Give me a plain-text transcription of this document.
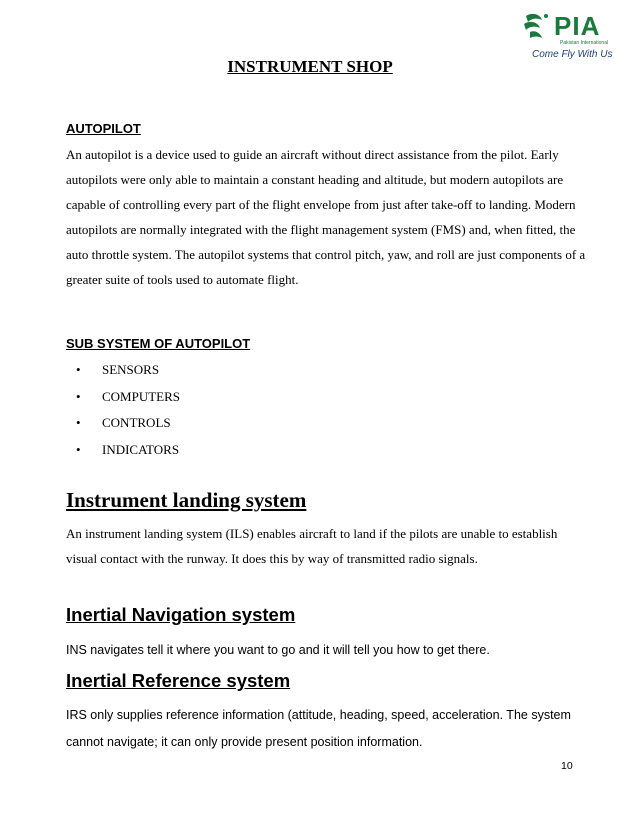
PIA
Pakistan International
Come Fly With Us
INSTRUMENT SHOP
AUTOPILOT
An autopilot is a device used to guide an aircraft without direct assistance from the pilot. Early autopilots were only able to maintain a constant heading and altitude, but modern autopilots are capable of controlling every part of the flight envelope from just after take-off to landing. Modern autopilots are normally integrated with the flight management system (FMS) and, when fitted, the auto throttle system. The autopilot systems that control pitch, yaw, and roll are just components of a greater suite of tools used to automate flight.
SUB SYSTEM OF AUTOPILOT
• SENSORS
• COMPUTERS
• CONTROLS
• INDICATORS
Instrument landing system
An instrument landing system (ILS) enables aircraft to land if the pilots are unable to establish visual contact with the runway. It does this by way of transmitted radio signals.
Inertial Navigation system
INS navigates tell it where you want to go and it will tell you how to get there.
Inertial Reference system
IRS only supplies reference information (attitude, heading, speed, acceleration. The system cannot navigate; it can only provide present position information.
10
